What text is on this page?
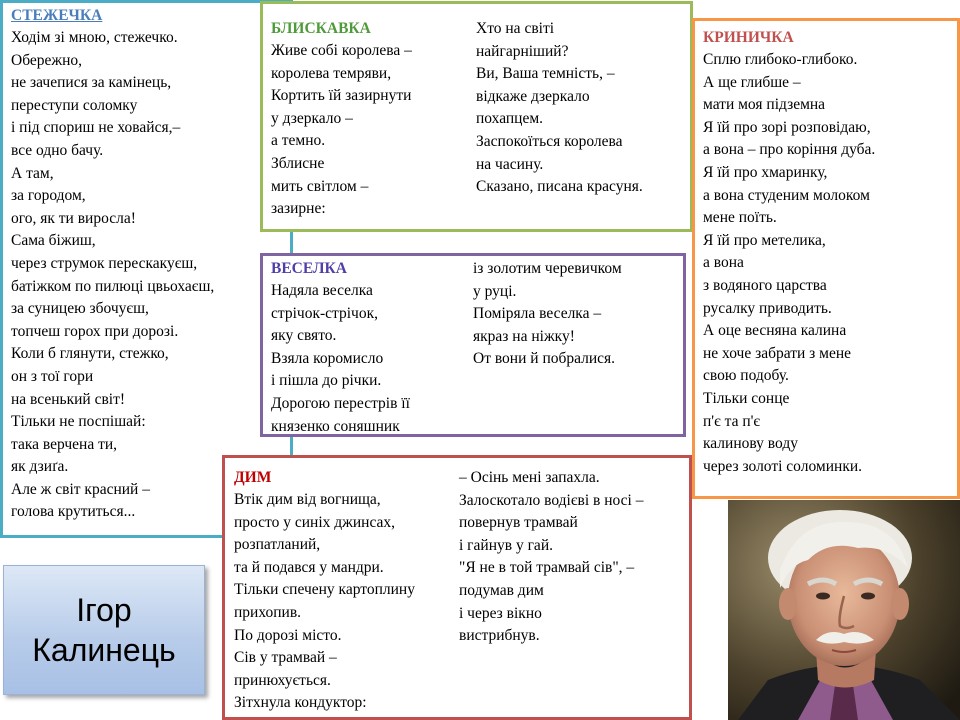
СТЕЖЕЧКА
Ходім зі мною, стежечко.
Обережно,
не зачепися за камінець,
переступи соломку
і під спориш не ховайся,–
все одно бачу.
А там,
за городом,
ого, як ти виросла!
Сама біжиш,
через струмок перескакуєш,
батіжком по пилюці цвьохаєш,
за суницею збочуєш,
топчеш горох при дорозі.
Коли б глянути, стежко,
он з тої гори
на всенький світ!
Тільки не поспішай:
така верчена ти,
як дзиґа.
Але ж світ красний –
голова крутиться...
БЛИСКАВКА
Живе собі королева –
королева темряви,
Кортить їй зазирнути
у дзеркало –
а темно.
Зблисне
мить світлом –
зазирне:
Хто на світі
найгарніший?
Ви, Ваша темність, –
відкаже дзеркало
похапцем.
Заспокоїться королева
на часину.
Сказано, писана красуня.
КРИНИЧКА
Сплю глибоко-глибоко.
А ще глибше –
мати моя підземна
Я їй про зорі розповідаю,
а вона – про коріння дуба.
Я їй про хмаринку,
а вона студеним молоком
мене поїть.
Я їй про метелика,
а вона
з водяного царства
русалку приводить.
А оце весняна калина
не хоче забрати з мене
свою подобу.
Тільки сонце
п'є та п'є
калинову воду
через золоті соломинки.
ВЕСЕЛКА
Надяла веселка
стрічок-стрічок,
яку свято.
Взяла коромисло
і пішла до річки.
Дорогою перестрів її
князенко соняшник
із золотим черевичком
у руці.
Поміряла веселка –
якраз на ніжку!
От вони й побралися.
ДИМ
Втік дим від вогнища,
просто у синіх джинсах,
розпатланий,
та й подався у мандри.
Тільки спечену картоплину
прихопив.
По дорозі місто.
Сів у трамвай –
принюхується.
Зітхнула кондуктор:
– Осінь мені запахла.
Залоскотало водієві в носі –
повернув трамвай
і гайнув у гай.
"Я не в той трамвай сів", –
подумав дим
і через вікно
вистрибнув.
Ігор
Калинець
